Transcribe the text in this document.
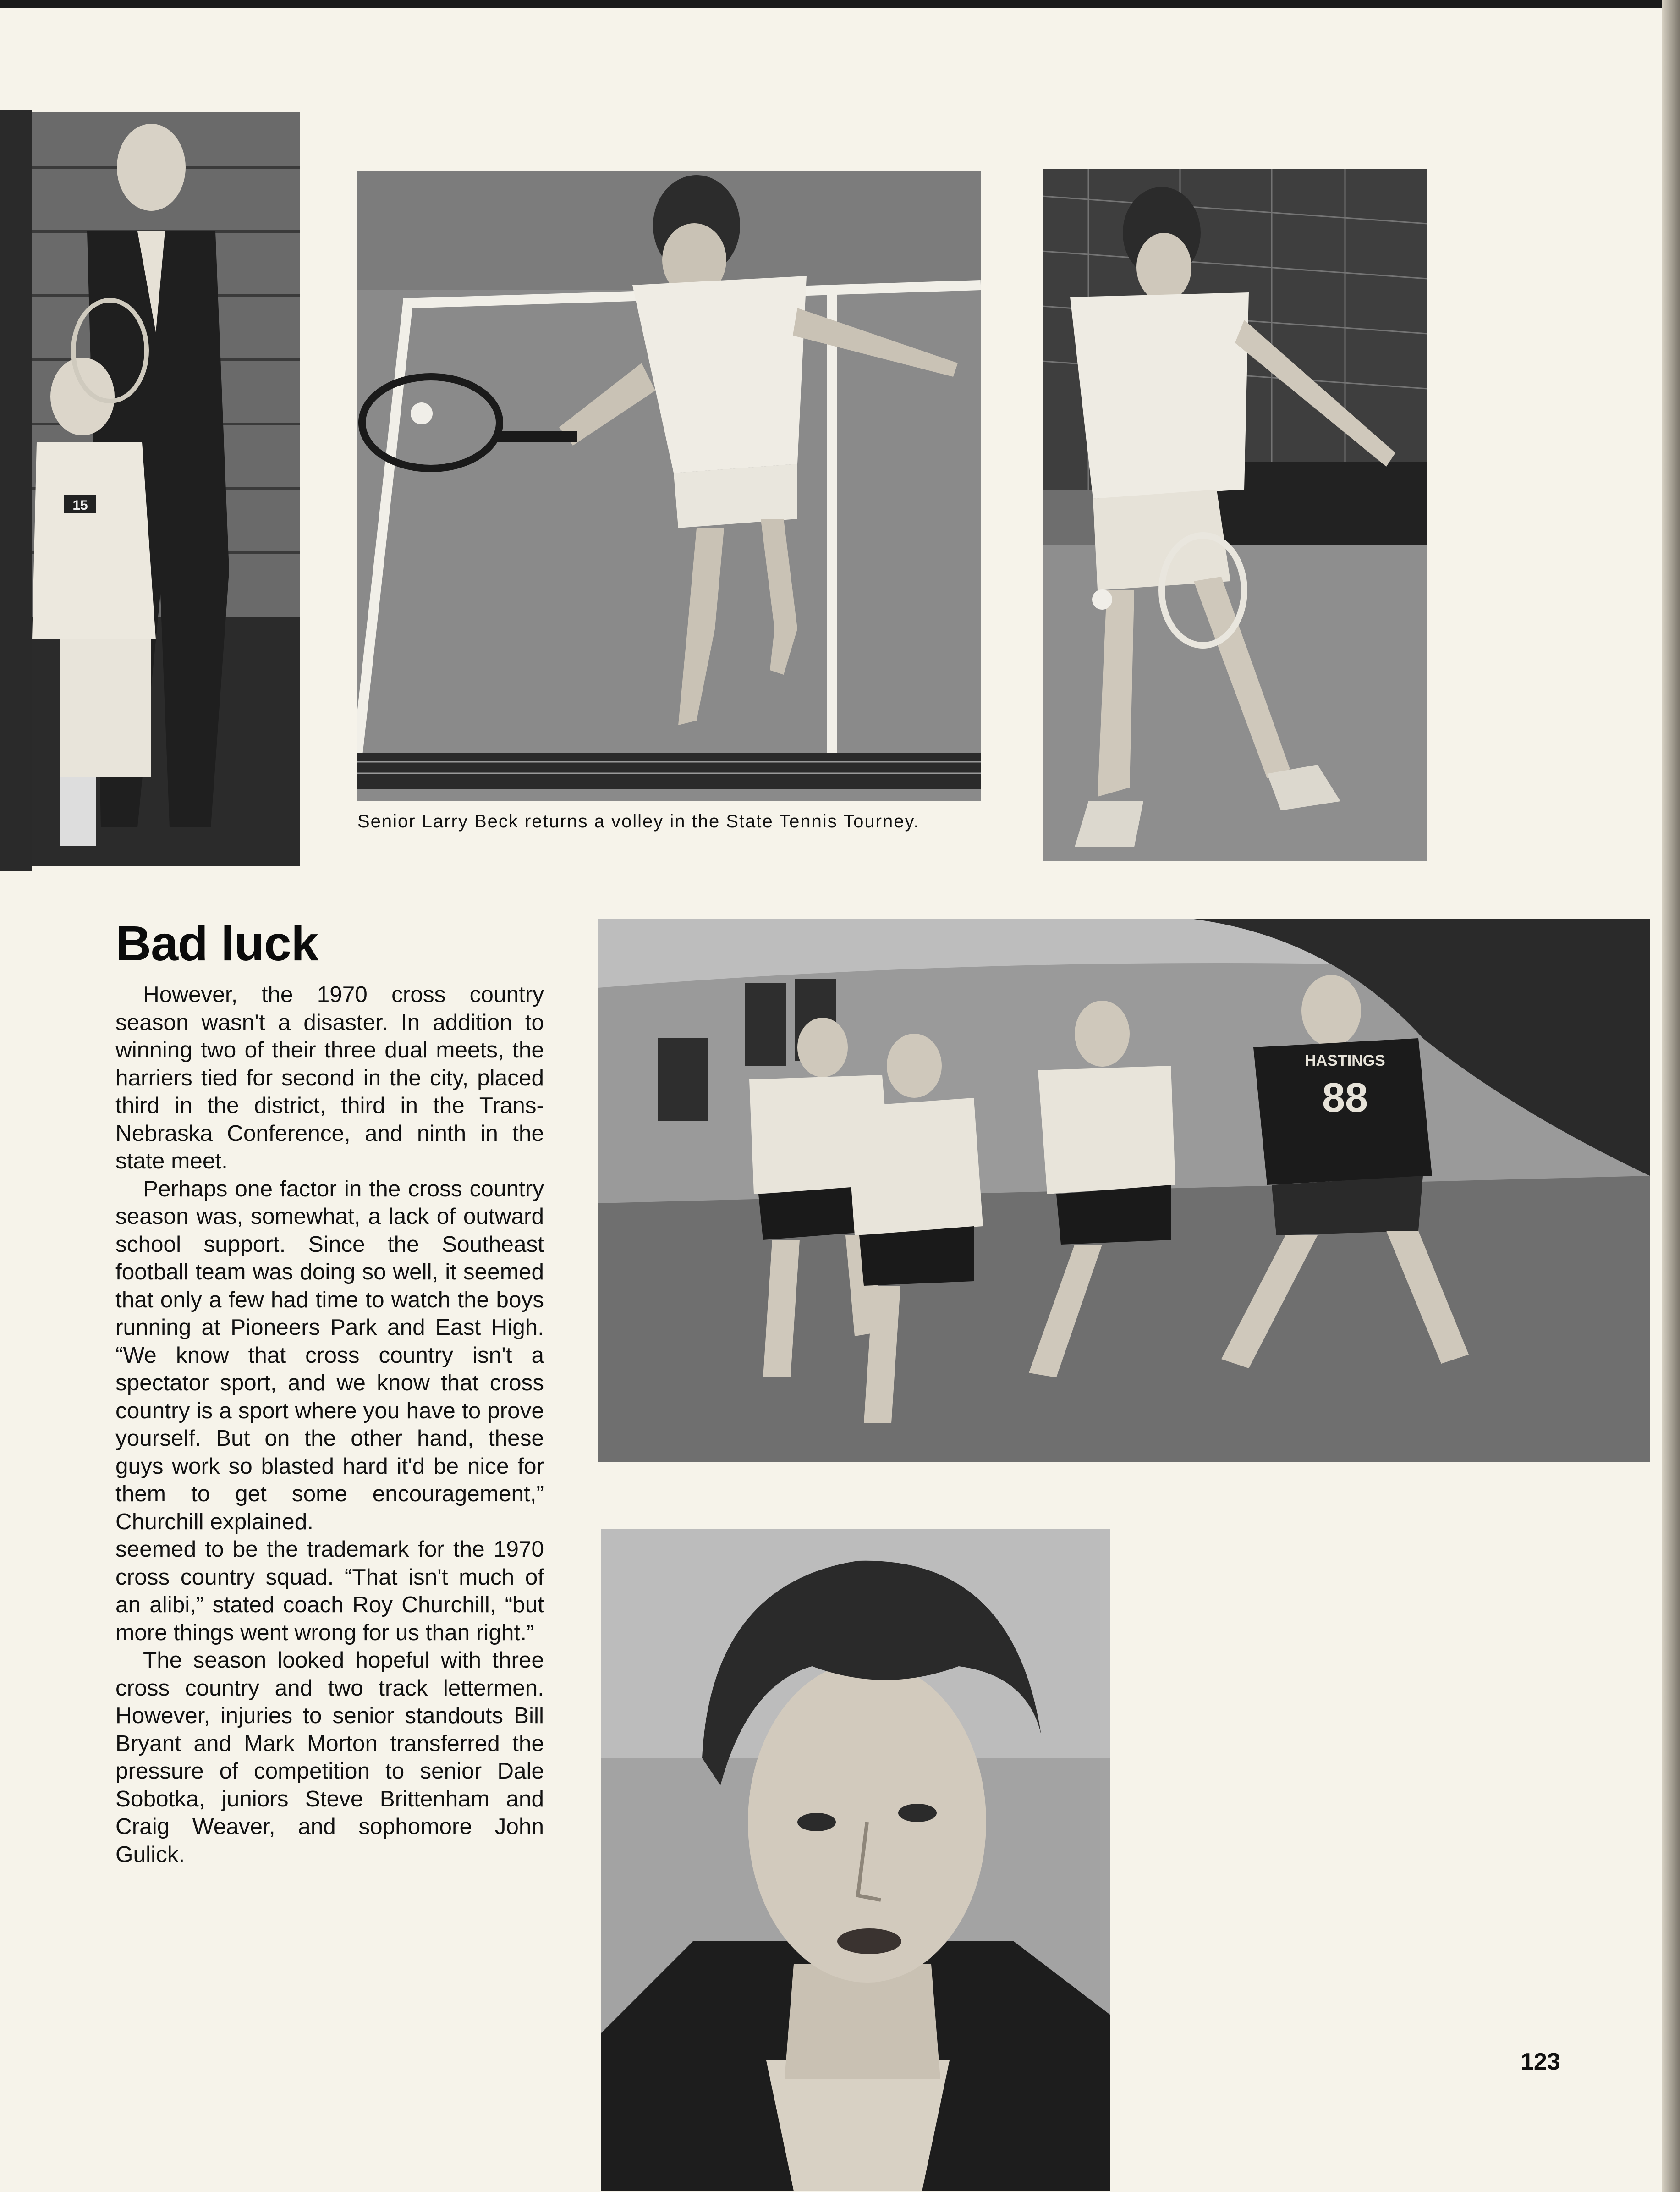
15
Senior Larry Beck returns a volley in the State Tennis Tourney.
Bad luck

However, the 1970 cross country season wasn't a disaster. In addition to winning two of their three dual meets, the harriers tied for second in the city, placed third in the district, third in the Trans-Nebraska Conference, and ninth in the state meet.

Perhaps one factor in the cross country season was, somewhat, a lack of outward school support. Since the Southeast football team was doing so well, it seemed that only a few had time to watch the boys running at Pioneers Park and East High. “We know that cross country isn't a spectator sport, and we know that cross country is a sport where you have to prove yourself. But on the other hand, these guys work so blasted hard it'd be nice for them to get some encouragement,” Churchill explained.

seemed to be the trademark for the 1970 cross country squad. “That isn't much of an alibi,” stated coach Roy Churchill, “but more things went wrong for us than right.”

The season looked hopeful with three cross country and two track lettermen. However, injuries to senior standouts Bill Bryant and Mark Morton transferred the pressure of competition to senior Dale Sobotka, juniors Steve Brittenham and Craig Weaver, and sophomore John Gulick.

HASTINGS
88
123
